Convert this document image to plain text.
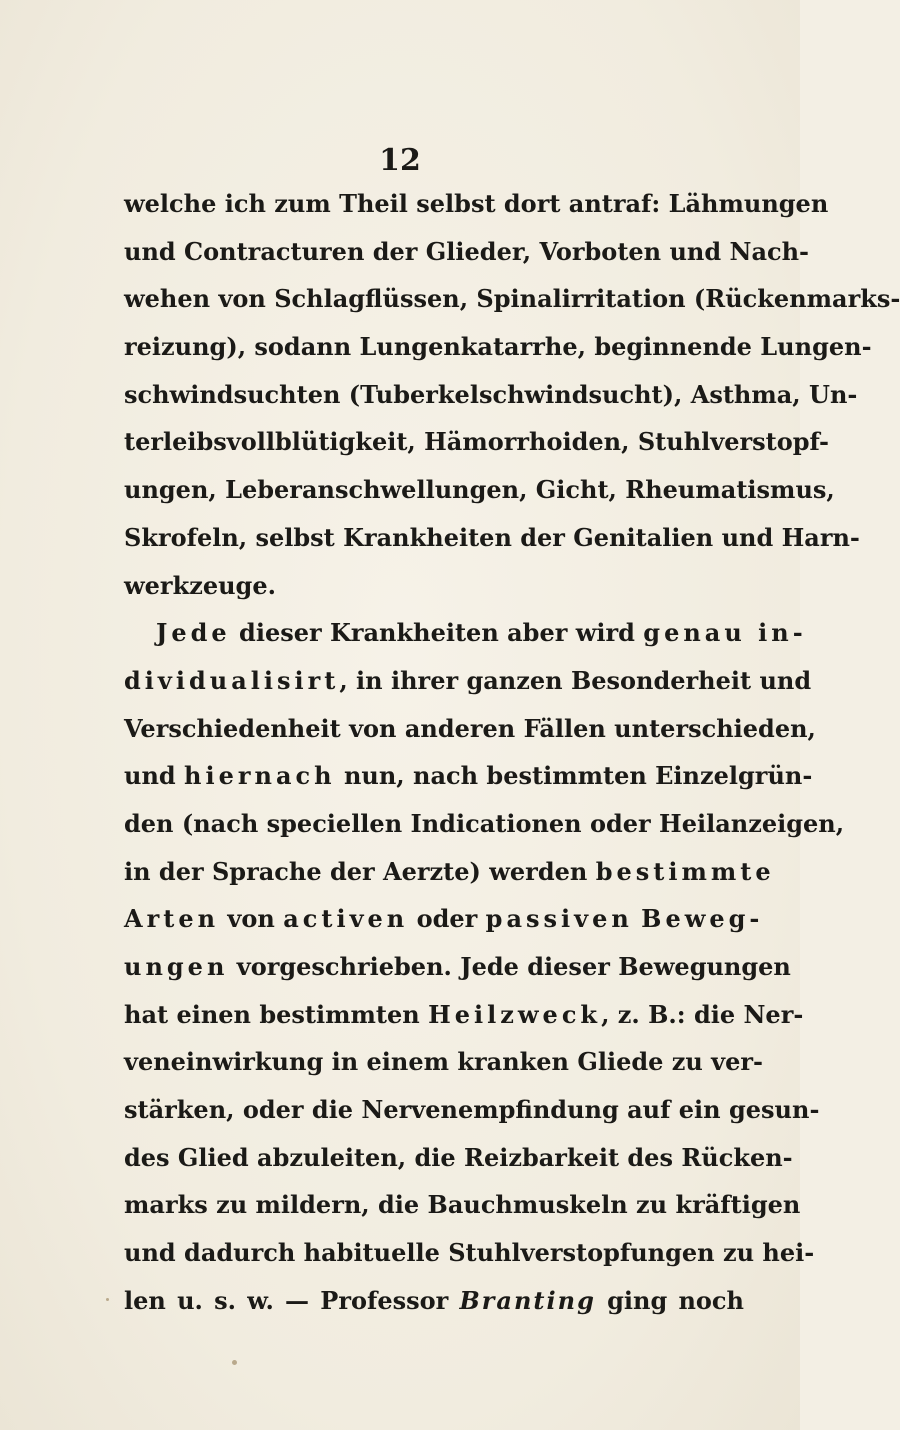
12
welche ich zum Theil selbst dort antraf: Lähmungen
und Contracturen der Glieder, Vorboten und Nach-
wehen von Schlagflüssen, Spinalirritation (Rückenmarks-
reizung), sodann Lungenkatarrhe, beginnende Lungen-
schwindsuchten (Tuberkelschwindsucht), Asthma, Un-
terleibsvollblütigkeit, Hämorrhoiden, Stuhlverstopf-
ungen, Leberanschwellungen, Gicht, Rheumatismus,
Skrofeln, selbst Krankheiten der Genitalien und Harn-
werkzeuge.
Jede dieser Krankheiten aber wird genau in-
dividualisirt, in ihrer ganzen Besonderheit und
Verschiedenheit von anderen Fällen unterschieden,
und hiernach nun, nach bestimmten Einzelgrün-
den (nach speciellen Indicationen oder Heilanzeigen,
in der Sprache der Aerzte) werden bestimmte
Arten von activen oder passiven Beweg-
ungen vorgeschrieben. Jede dieser Bewegungen
hat einen bestimmten Heilzweck, z. B.: die Ner-
veneinwirkung in einem kranken Gliede zu ver-
stärken, oder die Nervenempfindung auf ein gesun-
des Glied abzuleiten, die Reizbarkeit des Rücken-
marks zu mildern, die Bauchmuskeln zu kräftigen
und dadurch habituelle Stuhlverstopfungen zu hei-
len u. s. w. — Professor Branting ging noch
